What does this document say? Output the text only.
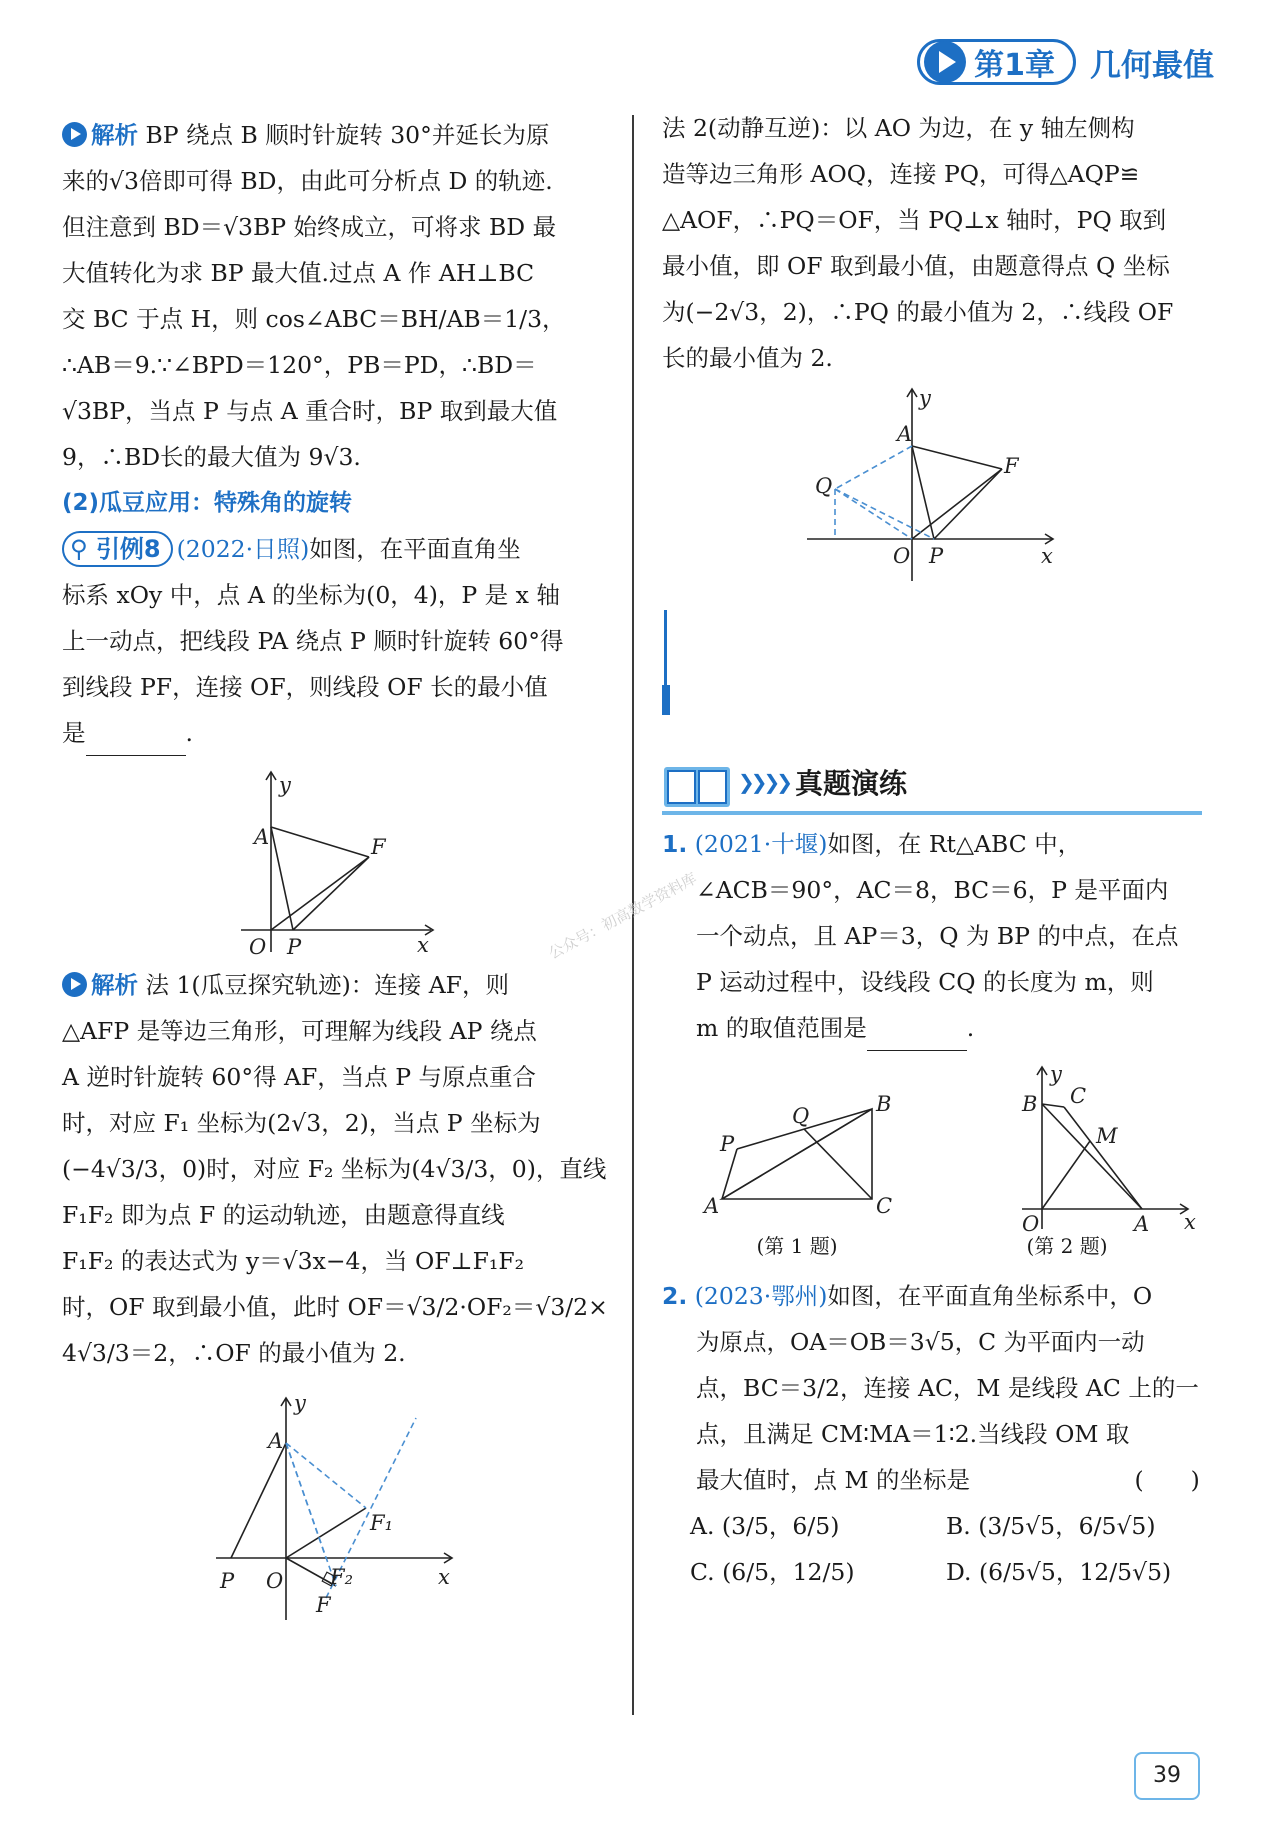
第1章 几何最值

解析 BP 绕点 B 顺时针旋转 30°并延长为原
来的√3倍即可得 BD，由此可分析点 D 的轨迹.
但注意到 BD＝√3BP 始终成立，可将求 BD 最
大值转化为求 BP 最大值.过点 A 作 AH⊥BC
交 BC 于点 H，则 cos∠ABC＝BH/AB＝1/3，
∴AB＝9.∵∠BPD＝120°，PB＝PD，∴BD＝
√3BP，当点 P 与点 A 重合时，BP 取到最大值
9，∴BD长的最大值为 9√3.

(2)瓜豆应用：特殊角的旋转

⚲ 引例8 (2022·日照)如图，在平面直角坐
标系 xOy 中，点 A 的坐标为(0，4)，P 是 x 轴
上一动点，把线段 PA 绕点 P 顺时针旋转 60°得
到线段 PF，连接 OF，则线段 OF 长的最小值
是	.

y
A	F
O P	x

解析 法 1(瓜豆探究轨迹)：连接 AF，则
△AFP 是等边三角形，可理解为线段 AP 绕点
A 逆时针旋转 60°得 AF，当点 P 与原点重合
时，对应 F₁ 坐标为(2√3，2)，当点 P 坐标为
(−4√3/3，0)时，对应 F₂ 坐标为(4√3/3，0)，直线
F₁F₂ 即为点 F 的运动轨迹，由题意得直线
F₁F₂ 的表达式为 y＝√3x−4，当 OF⊥F₁F₂
时，OF 取到最小值，此时 OF＝√3/2·OF₂＝√3/2×
4√3/3＝2，∴OF 的最小值为 2.

y
A
F₁
P O F₂
F
x

法 2(动静互逆)：以 AO 为边，在 y 轴左侧构
造等边三角形 AOQ，连接 PQ，可得△AQP≌
△AOF，∴PQ＝OF，当 PQ⊥x 轴时，PQ 取到
最小值，即 OF 取到最小值，由题意得点 Q 坐标
为(−2√3，2)，∴PQ 的最小值为 2，∴线段 OF
长的最小值为 2.

y
A
F
Q
O P	x
❯❯❯❯ 真题演练

1. (2021·十堰)如图，在 Rt△ABC 中，
∠ACB＝90°，AC＝8，BC＝6，P 是平面内
一个动点，且 AP＝3，Q 为 BP 的中点，在点
P 运动过程中，设线段 CQ 的长度为 m，则
m 的取值范围是	.

Q	B
P
A	C
y
B C
M
O	A x
(第 1 题)	(第 2 题)

2. (2023·鄂州)如图，在平面直角坐标系中，O
为原点，OA＝OB＝3√5，C 为平面内一动
点，BC＝3/2，连接 AC，M 是线段 AC 上的一
点，且满足 CM∶MA＝1∶2.当线段 OM 取
最大值时，点 M 的坐标是　　　　　　　(　　)

A. (3/5，6/5)	B. (3/5√5，6/5√5)
C. (6/5，12/5)	D. (6/5√5，12/5√5)
公众号：初高数学资料库
39
